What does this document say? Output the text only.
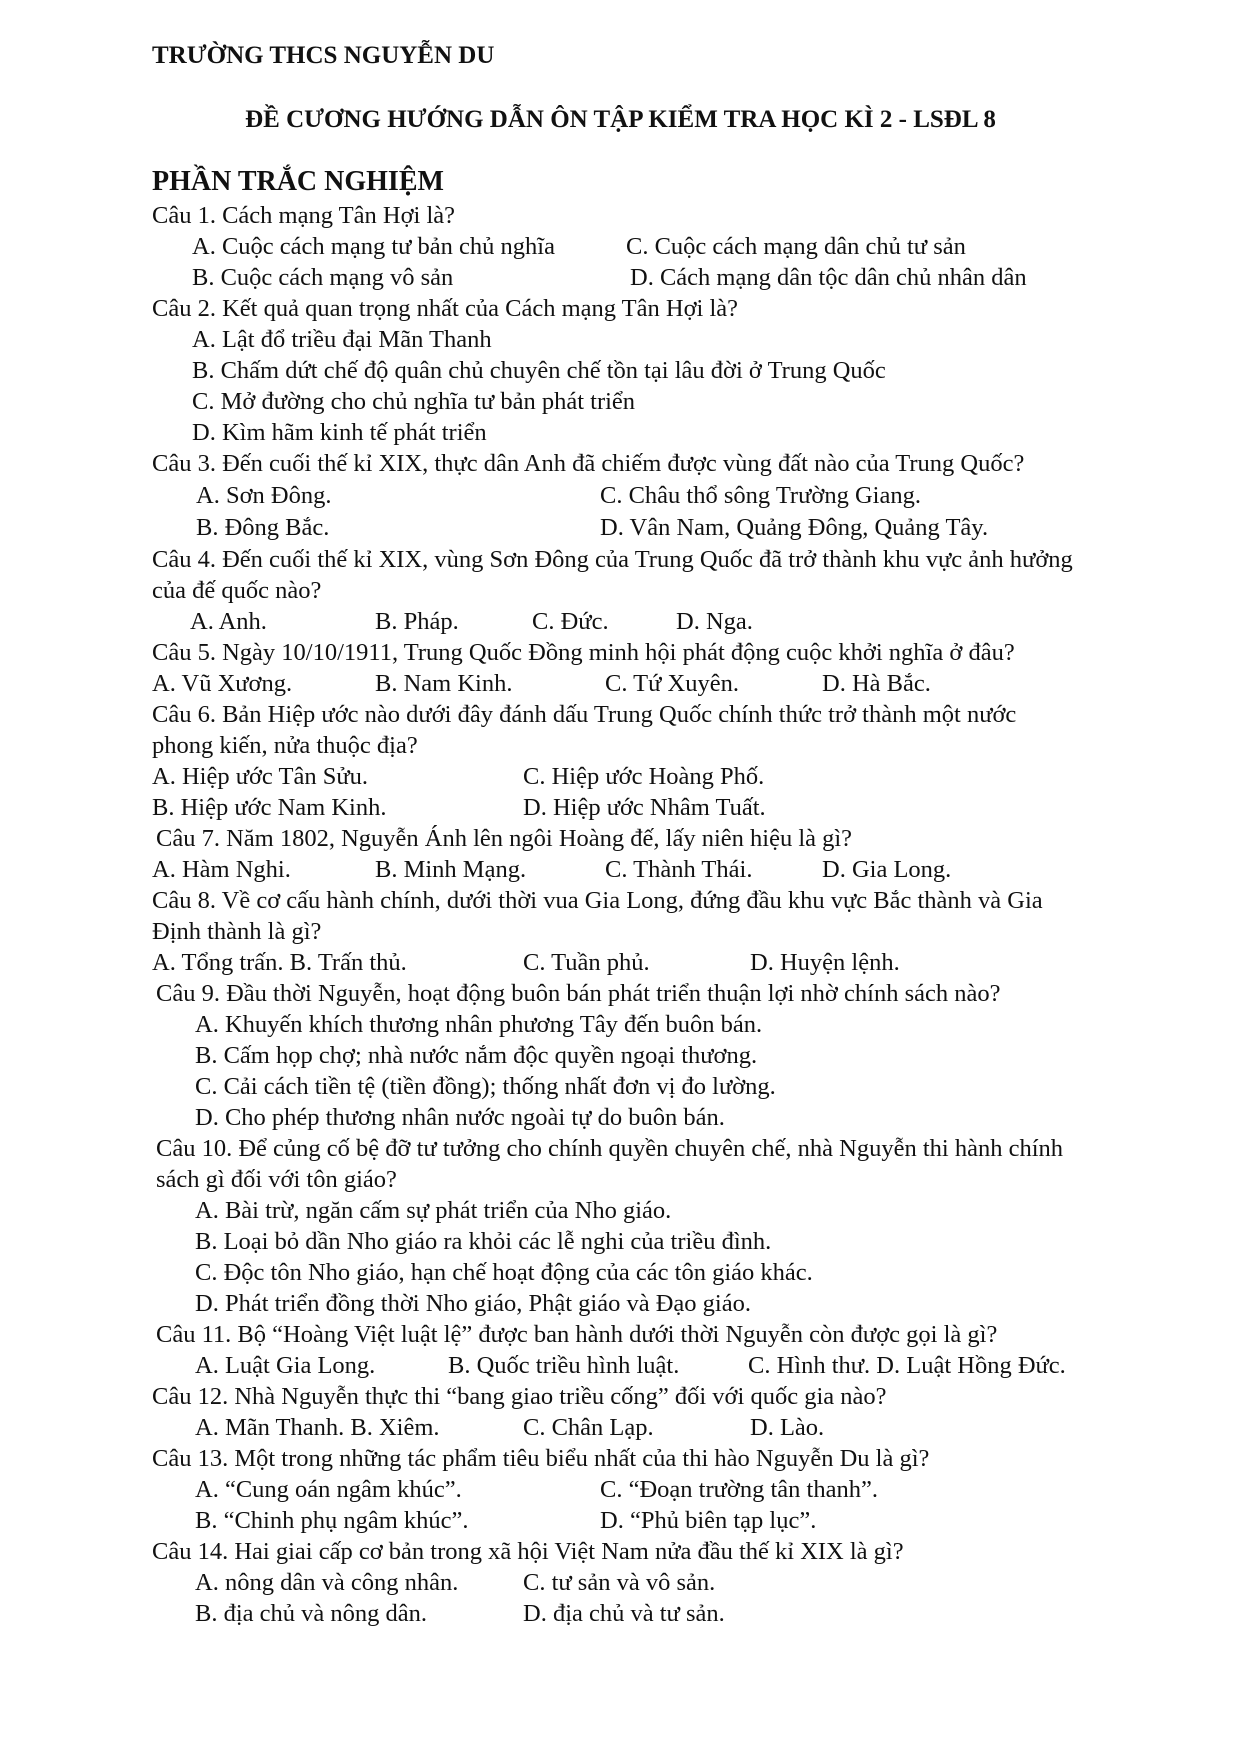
TRƯỜNG THCS NGUYỄN DU
ĐỀ CƯƠNG HƯỚNG DẪN ÔN TẬP KIỂM TRA HỌC KÌ 2 - LSĐL 8
PHẦN TRẮC NGHIỆM
Câu 1. Cách mạng Tân Hợi là?
A. Cuộc cách mạng tư bản chủ nghĩa	C. Cuộc cách mạng dân chủ tư sản
B. Cuộc cách mạng vô sản	D. Cách mạng dân tộc dân chủ nhân dân
Câu 2. Kết quả quan trọng nhất của Cách mạng Tân Hợi là?
A. Lật đổ triều đại Mãn Thanh
B. Chấm dứt chế độ quân chủ chuyên chế tồn tại lâu đời ở Trung Quốc
C. Mở đường cho chủ nghĩa tư bản phát triển
D. Kìm hãm kinh tế phát triển
Câu 3. Đến cuối thế kỉ XIX, thực dân Anh đã chiếm được vùng đất nào của Trung Quốc?
A. Sơn Đông.	C. Châu thổ sông Trường Giang.
B. Đông Bắc.	D. Vân Nam, Quảng Đông, Quảng Tây.
Câu 4. Đến cuối thế kỉ XIX, vùng Sơn Đông của Trung Quốc đã trở thành khu vực ảnh hưởng
của đế quốc nào?
A. Anh.	B. Pháp.	C. Đức.	D. Nga.
Câu 5. Ngày 10/10/1911, Trung Quốc Đồng minh hội phát động cuộc khởi nghĩa ở đâu?
A. Vũ Xương.	B. Nam Kinh.	C. Tứ Xuyên.	D. Hà Bắc.
Câu 6. Bản Hiệp ước nào dưới đây đánh dấu Trung Quốc chính thức trở thành một nước
phong kiến, nửa thuộc địa?
A. Hiệp ước Tân Sửu.	C. Hiệp ước Hoàng Phố.
B. Hiệp ước Nam Kinh.	D. Hiệp ước Nhâm Tuất.
Câu 7. Năm 1802, Nguyễn Ánh lên ngôi Hoàng đế, lấy niên hiệu là gì?
A. Hàm Nghi.	B. Minh Mạng.	C. Thành Thái.	D. Gia Long.
Câu 8. Về cơ cấu hành chính, dưới thời vua Gia Long, đứng đầu khu vực Bắc thành và Gia
Định thành là gì?
A. Tổng trấn. B. Trấn thủ.	C. Tuần phủ.	D. Huyện lệnh.
Câu 9. Đầu thời Nguyễn, hoạt động buôn bán phát triển thuận lợi nhờ chính sách nào?
A. Khuyến khích thương nhân phương Tây đến buôn bán.
B. Cấm họp chợ; nhà nước nắm độc quyền ngoại thương.
C. Cải cách tiền tệ (tiền đồng); thống nhất đơn vị đo lường.
D. Cho phép thương nhân nước ngoài tự do buôn bán.
Câu 10. Để củng cố bệ đỡ tư tưởng cho chính quyền chuyên chế, nhà Nguyễn thi hành chính
sách gì đối với tôn giáo?
A. Bài trừ, ngăn cấm sự phát triển của Nho giáo.
B. Loại bỏ dần Nho giáo ra khỏi các lễ nghi của triều đình.
C. Độc tôn Nho giáo, hạn chế hoạt động của các tôn giáo khác.
D. Phát triển đồng thời Nho giáo, Phật giáo và Đạo giáo.
Câu 11. Bộ “Hoàng Việt luật lệ” được ban hành dưới thời Nguyễn còn được gọi là gì?
A. Luật Gia Long.	B. Quốc triều hình luật.	C. Hình thư. D. Luật Hồng Đức.
Câu 12. Nhà Nguyễn thực thi “bang giao triều cống” đối với quốc gia nào?
A. Mãn Thanh. B. Xiêm.	C. Chân Lạp.	D. Lào.
Câu 13. Một trong những tác phẩm tiêu biểu nhất của thi hào Nguyễn Du là gì?
A. “Cung oán ngâm khúc”.	C. “Đoạn trường tân thanh”.
B. “Chinh phụ ngâm khúc”.	D. “Phủ biên tạp lục”.
Câu 14. Hai giai cấp cơ bản trong xã hội Việt Nam nửa đầu thế kỉ XIX là gì?
A. nông dân và công nhân.	C. tư sản và vô sản.
B. địa chủ và nông dân.	D. địa chủ và tư sản.
